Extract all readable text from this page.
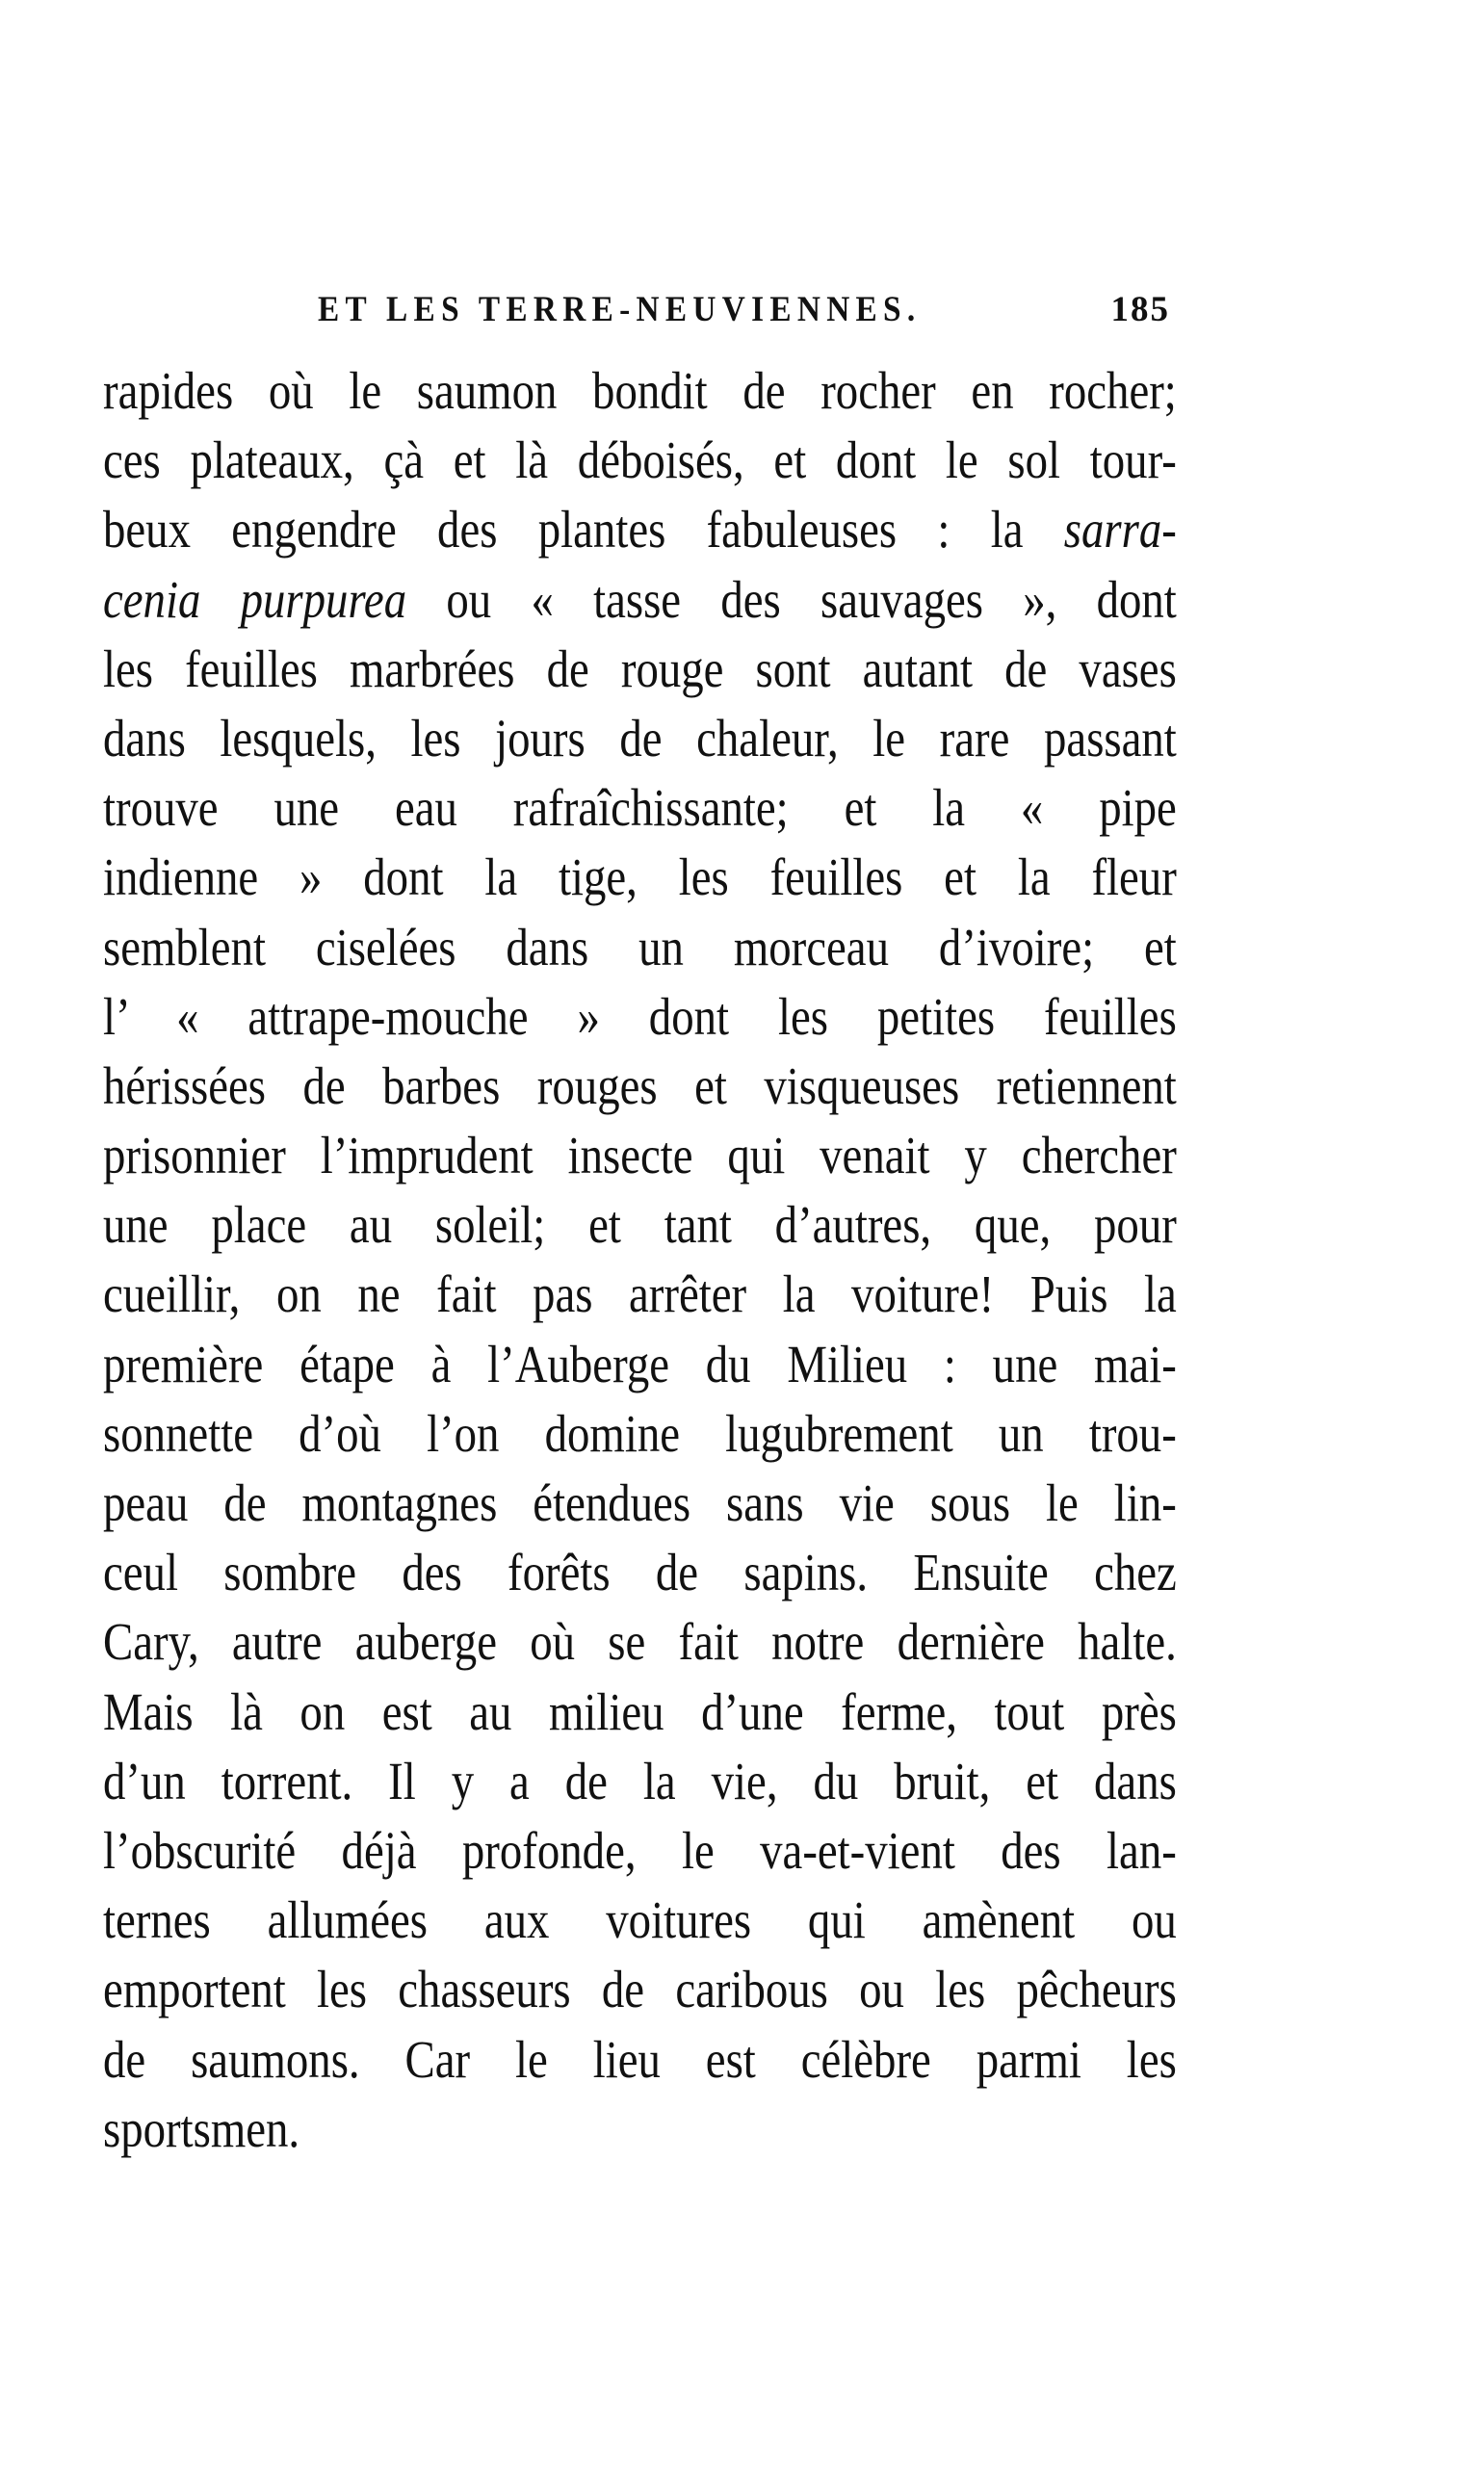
ET LES TERRE-NEUVIENNES.	185
rapides où le saumon bondit de rocher en rocher;
ces plateaux, çà et là déboisés, et dont le sol tour-
beux engendre des plantes fabuleuses : la sarra-
cenia purpurea ou « tasse des sauvages », dont
les feuilles marbrées de rouge sont autant de vases
dans lesquels, les jours de chaleur, le rare passant
trouve une eau rafraîchissante; et la « pipe
indienne » dont la tige, les feuilles et la fleur
semblent ciselées dans un morceau d’ivoire; et
l’ « attrape-mouche » dont les petites feuilles
hérissées de barbes rouges et visqueuses retiennent
prisonnier l’imprudent insecte qui venait y chercher
une place au soleil; et tant d’autres, que, pour
cueillir, on ne fait pas arrêter la voiture! Puis la
première étape à l’Auberge du Milieu : une mai-
sonnette d’où l’on domine lugubrement un trou-
peau de montagnes étendues sans vie sous le lin-
ceul sombre des forêts de sapins. Ensuite chez
Cary, autre auberge où se fait notre dernière halte.
Mais là on est au milieu d’une ferme, tout près
d’un torrent. Il y a de la vie, du bruit, et dans
l’obscurité déjà profonde, le va-et-vient des lan-
ternes allumées aux voitures qui amènent ou
emportent les chasseurs de caribous ou les pêcheurs
de saumons. Car le lieu est célèbre parmi les
sportsmen.
